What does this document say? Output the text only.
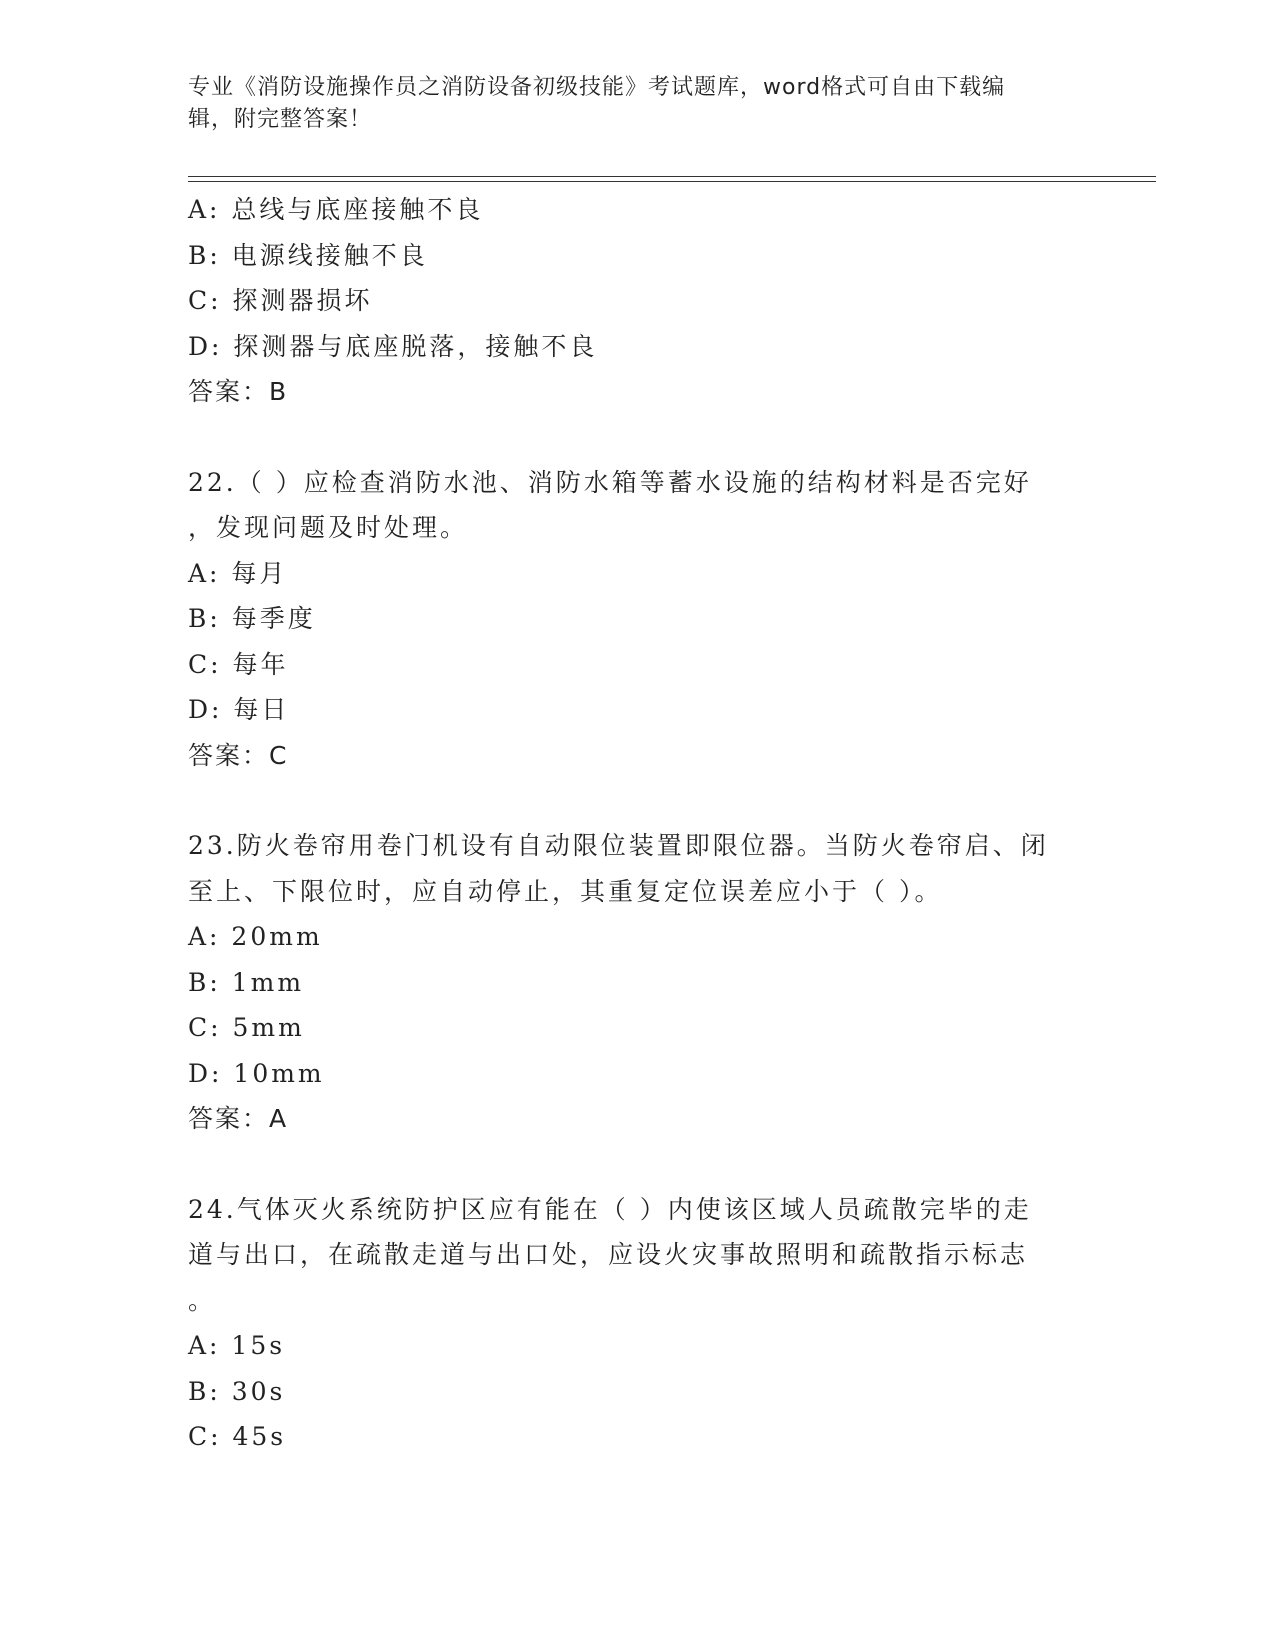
专业《消防设施操作员之消防设备初级技能》考试题库，word格式可自由下载编
辑，附完整答案！
A: 总线与底座接触不良
B: 电源线接触不良
C: 探测器损坏
D: 探测器与底座脱落，接触不良
答案：B
22.（ ）应检查消防水池、消防水箱等蓄水设施的结构材料是否完好
，发现问题及时处理。
A: 每月
B: 每季度
C: 每年
D: 每日
答案：C
23.防火卷帘用卷门机设有自动限位装置即限位器。当防火卷帘启、闭
至上、下限位时，应自动停止，其重复定位误差应小于（ ）。
A: 20mm
B: 1mm
C: 5mm
D: 10mm
答案：A
24.气体灭火系统防护区应有能在（ ）内使该区域人员疏散完毕的走
道与出口，在疏散走道与出口处，应设火灾事故照明和疏散指示标志
。
A: 15s
B: 30s
C: 45s
